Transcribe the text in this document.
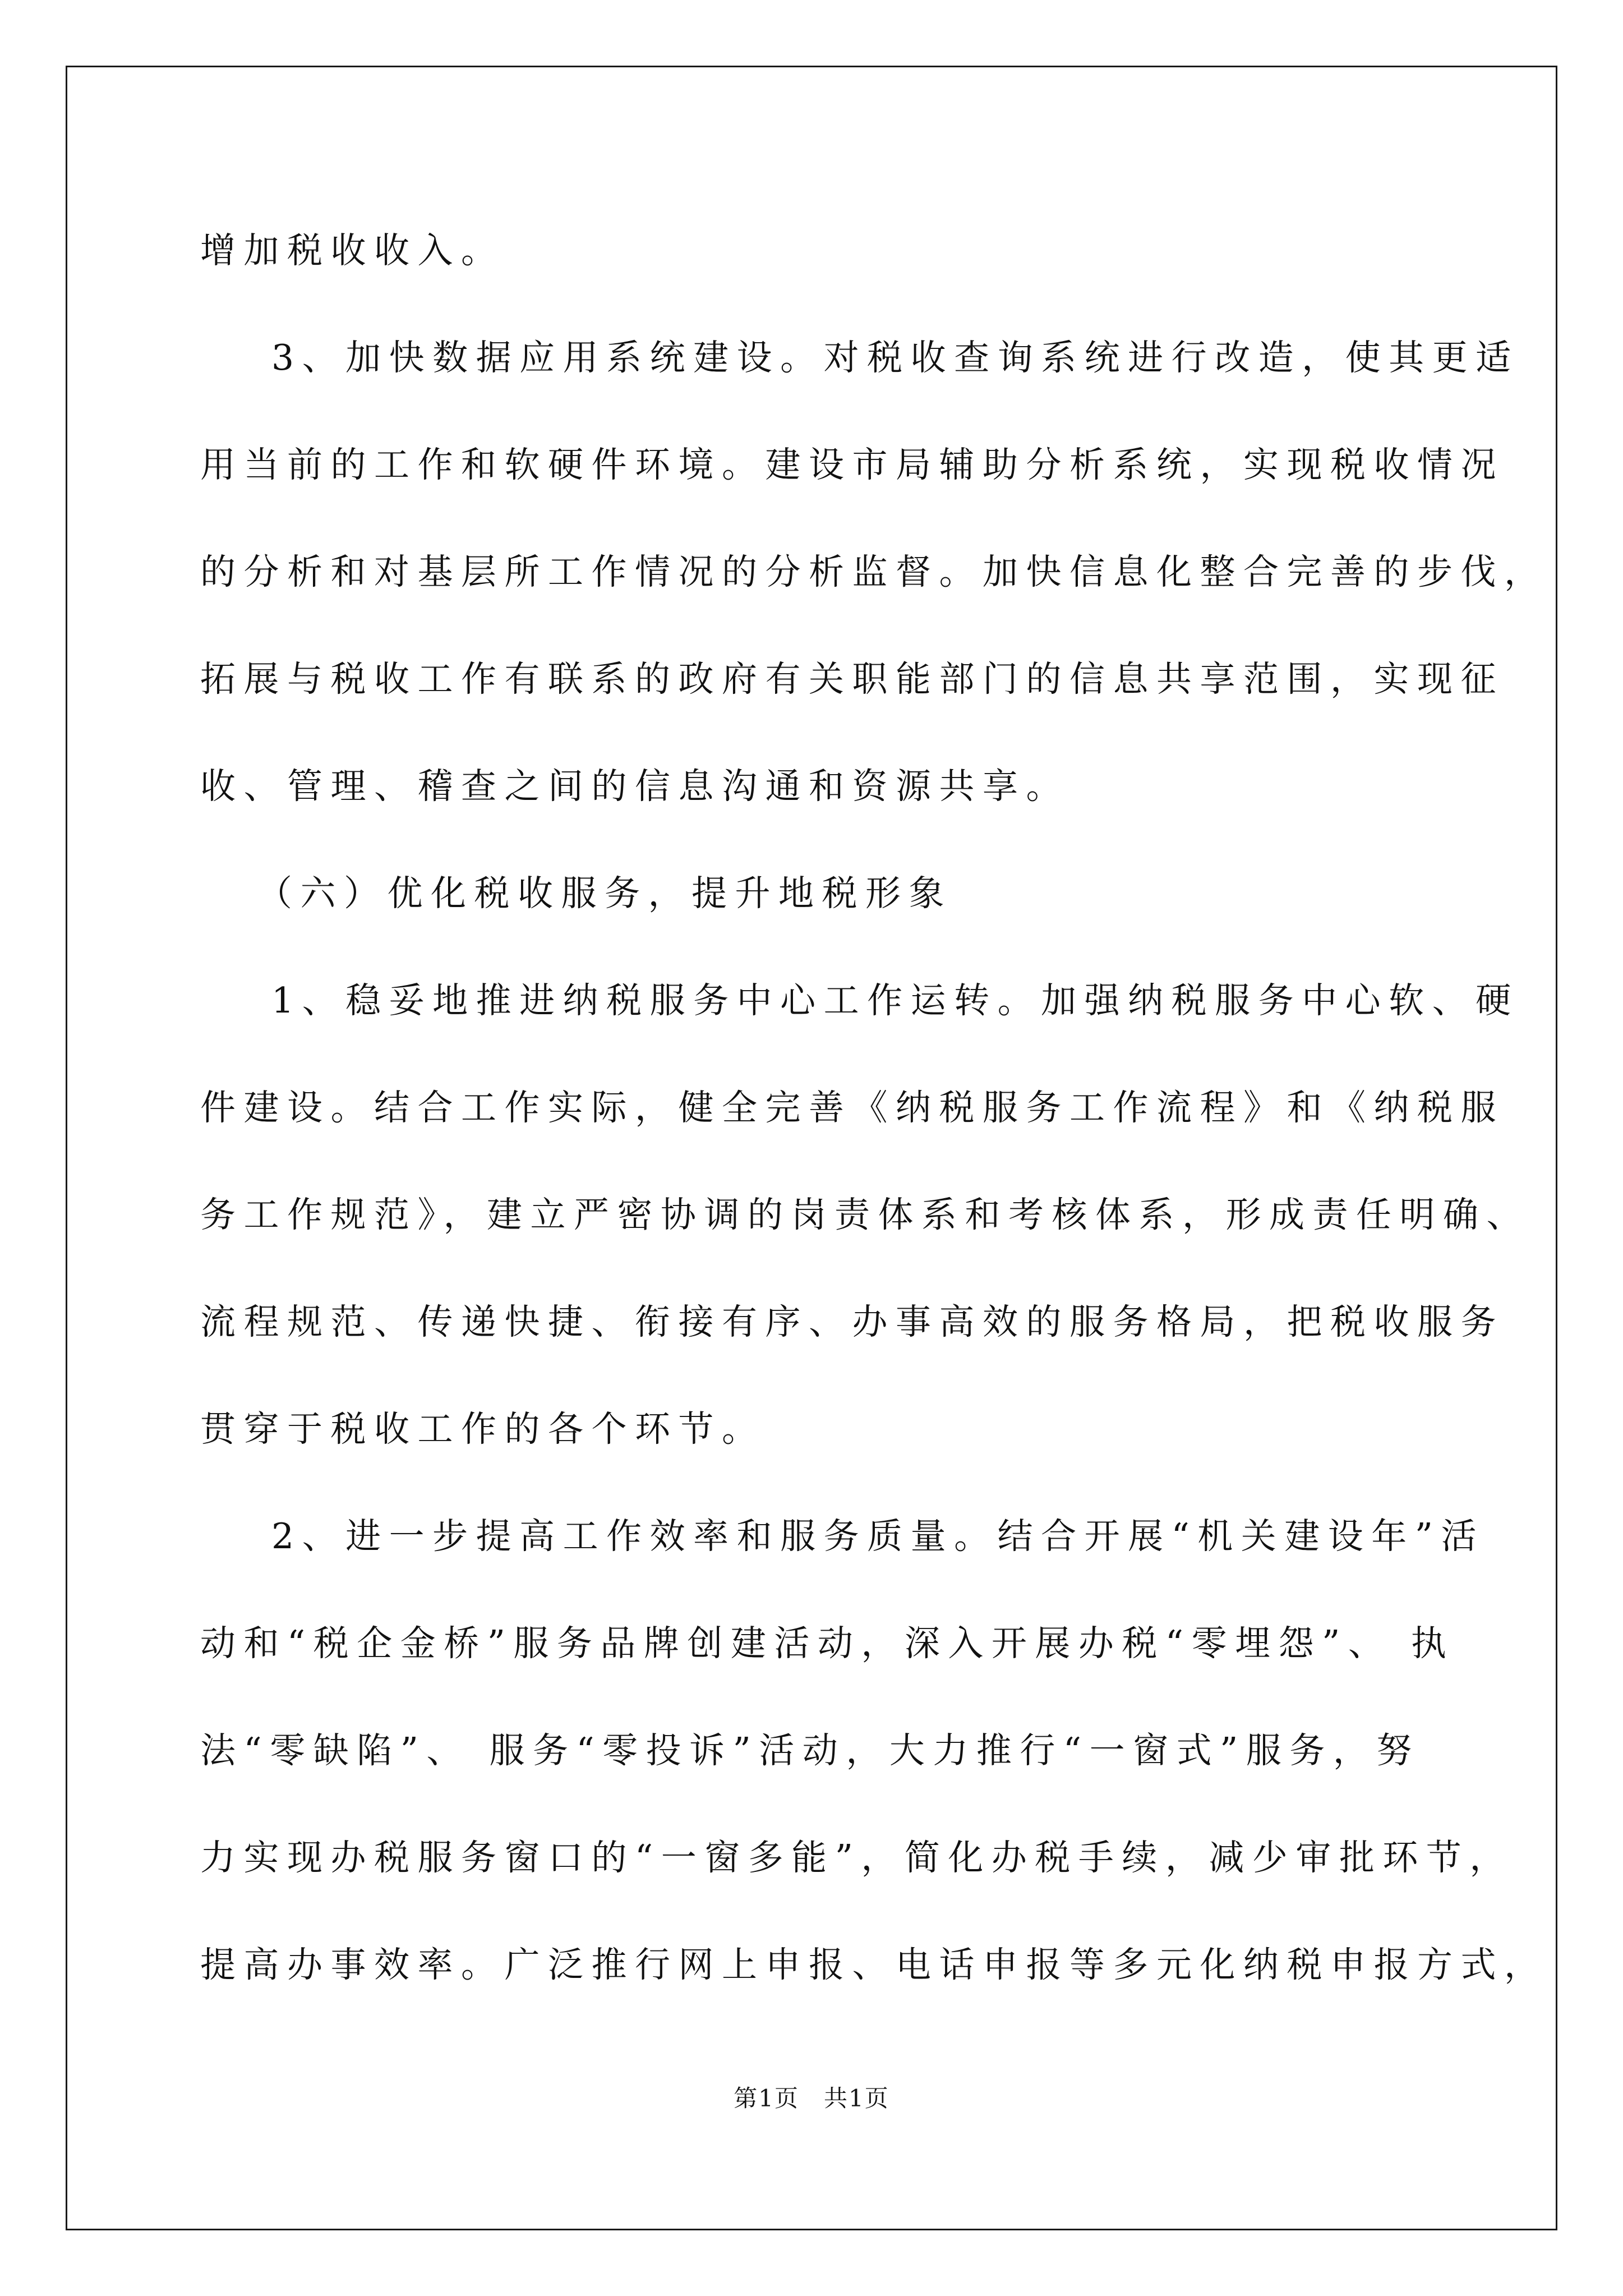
增加税收收入。
3、加快数据应用系统建设。对税收查询系统进行改造，使其更适
用当前的工作和软硬件环境。建设市局辅助分析系统，实现税收情况
的分析和对基层所工作情况的分析监督。加快信息化整合完善的步伐，
拓展与税收工作有联系的政府有关职能部门的信息共享范围，实现征
收、管理、稽查之间的信息沟通和资源共享。
（六）优化税收服务，提升地税形象
1、稳妥地推进纳税服务中心工作运转。加强纳税服务中心软、硬
件建设。结合工作实际，健全完善《纳税服务工作流程》和《纳税服
务工作规范》，建立严密协调的岗责体系和考核体系，形成责任明确、
流程规范、传递快捷、衔接有序、办事高效的服务格局，把税收服务
贯穿于税收工作的各个环节。
2、进一步提高工作效率和服务质量。结合开展“机关建设年”活
动和“税企金桥”服务品牌创建活动，深入开展办税“零埋怨”、 执
法“零缺陷”、 服务“零投诉”活动，大力推行“一窗式”服务，努
力实现办税服务窗口的“一窗多能”，简化办税手续，减少审批环节，
提高办事效率。广泛推行网上申报、电话申报等多元化纳税申报方式，
第1页　共1页
